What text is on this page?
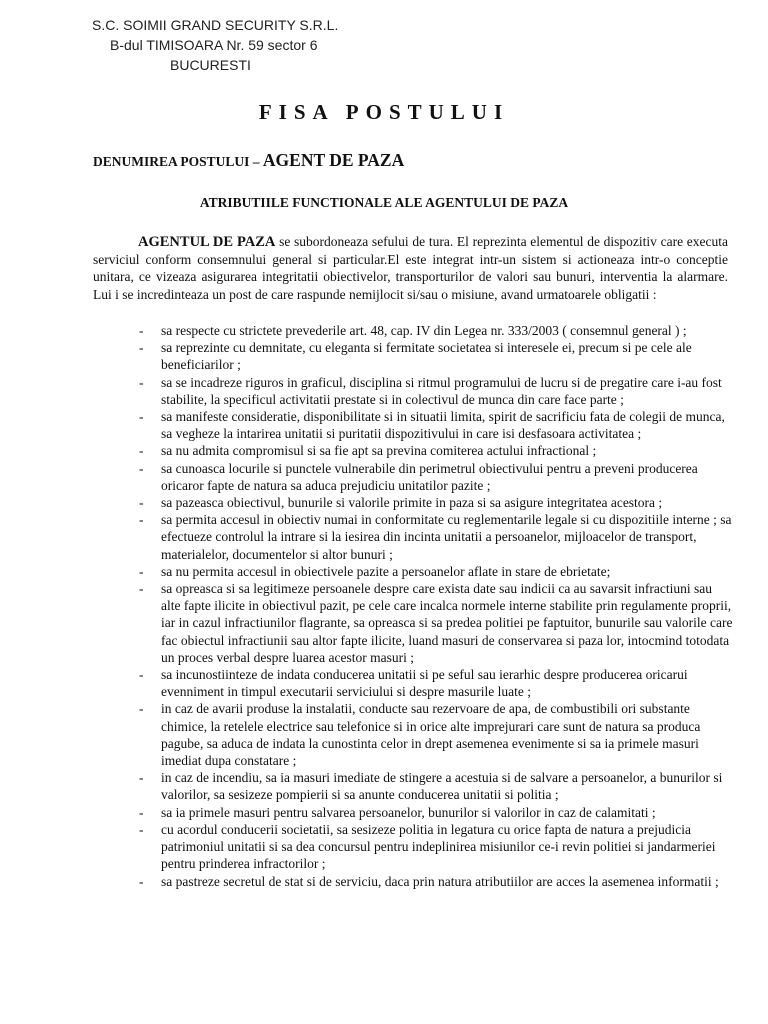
S.C. SOIMII GRAND SECURITY S.R.L.
B-dul TIMISOARA Nr. 59 sector 6
BUCURESTI
FISA POSTULUI
DENUMIREA POSTULUI – AGENT DE PAZA
ATRIBUTIILE FUNCTIONALE ALE AGENTULUI DE PAZA
AGENTUL DE PAZA se subordoneaza sefului de tura. El reprezinta elementul de dispozitiv care executa serviciul conform consemnului general si particular.El este integrat intr-un sistem si actioneaza intr-o conceptie unitara, ce vizeaza asigurarea integritatii obiectivelor, transporturilor de valori sau bunuri, interventia la alarmare. Lui i se incredinteaza un post de care raspunde nemijlocit si/sau o misiune, avand urmatoarele obligatii :
- sa respecte cu strictete prevederile art. 48, cap. IV din Legea nr. 333/2003 ( consemnul general ) ;
- sa reprezinte cu demnitate, cu eleganta si fermitate societatea si interesele ei, precum si pe cele ale beneficiarilor ;
- sa se incadreze riguros in graficul, disciplina si ritmul programului de lucru si de pregatire care i-au fost stabilite, la specificul activitatii prestate si in colectivul de munca din care face parte ;
- sa manifeste consideratie, disponibilitate si in situatii limita, spirit de sacrificiu fata de colegii de munca, sa vegheze la intarirea unitatii si puritatii dispozitivului in care isi desfasoara activitatea ;
- sa nu admita compromisul si sa fie apt sa previna comiterea actului infractional ;
- sa cunoasca locurile si punctele vulnerabile din perimetrul obiectivului pentru a preveni producerea oricaror fapte de natura sa aduca prejudiciu unitatilor pazite ;
- sa pazeasca obiectivul, bunurile si valorile primite in paza si sa asigure integritatea acestora ;
- sa permita accesul in obiectiv numai in conformitate cu reglementarile legale si cu dispozitiile interne ; sa efectueze controlul la intrare si la iesirea din incinta unitatii a persoanelor, mijloacelor de transport, materialelor, documentelor si altor bunuri ;
- sa nu permita accesul in obiectivele pazite a persoanelor aflate in stare de ebrietate;
- sa opreasca si sa legitimeze persoanele despre care exista date sau indicii ca au savarsit infractiuni sau alte fapte ilicite in obiectivul pazit, pe cele care incalca normele interne stabilite prin regulamente proprii, iar in cazul infractiunilor flagrante, sa opreasca si sa predea politiei pe faptuitor, bunurile sau valorile care fac obiectul infractiunii sau altor fapte ilicite, luand masuri de conservarea si paza lor, intocmind totodata un proces verbal despre luarea acestor masuri ;
- sa incunostiinteze de indata conducerea unitatii si pe seful sau ierarhic despre producerea oricarui evenniment in timpul executarii serviciului si despre masurile luate ;
- in caz de avarii produse la instalatii, conducte sau rezervoare de apa, de combustibili ori substante chimice, la retelele electrice sau telefonice si in orice alte imprejurari care sunt de natura sa produca pagube, sa aduca de indata la cunostinta celor in drept asemenea evenimente si sa ia primele masuri imediat dupa constatare ;
- in caz de incendiu, sa ia masuri imediate de stingere a acestuia si de salvare a persoanelor, a bunurilor si valorilor, sa sesizeze pompierii si sa anunte conducerea unitatii si politia ;
- sa ia primele masuri pentru salvarea persoanelor, bunurilor si valorilor in caz de calamitati ;
- cu acordul conducerii societatii, sa sesizeze politia in legatura cu orice fapta de natura a prejudicia patrimoniul unitatii si sa dea concursul pentru indeplinirea misiunilor ce-i revin politiei si jandarmeriei pentru prinderea infractorilor ;
- sa pastreze secretul de stat si de serviciu, daca prin natura atributiilor are acces la asemenea informatii ;
